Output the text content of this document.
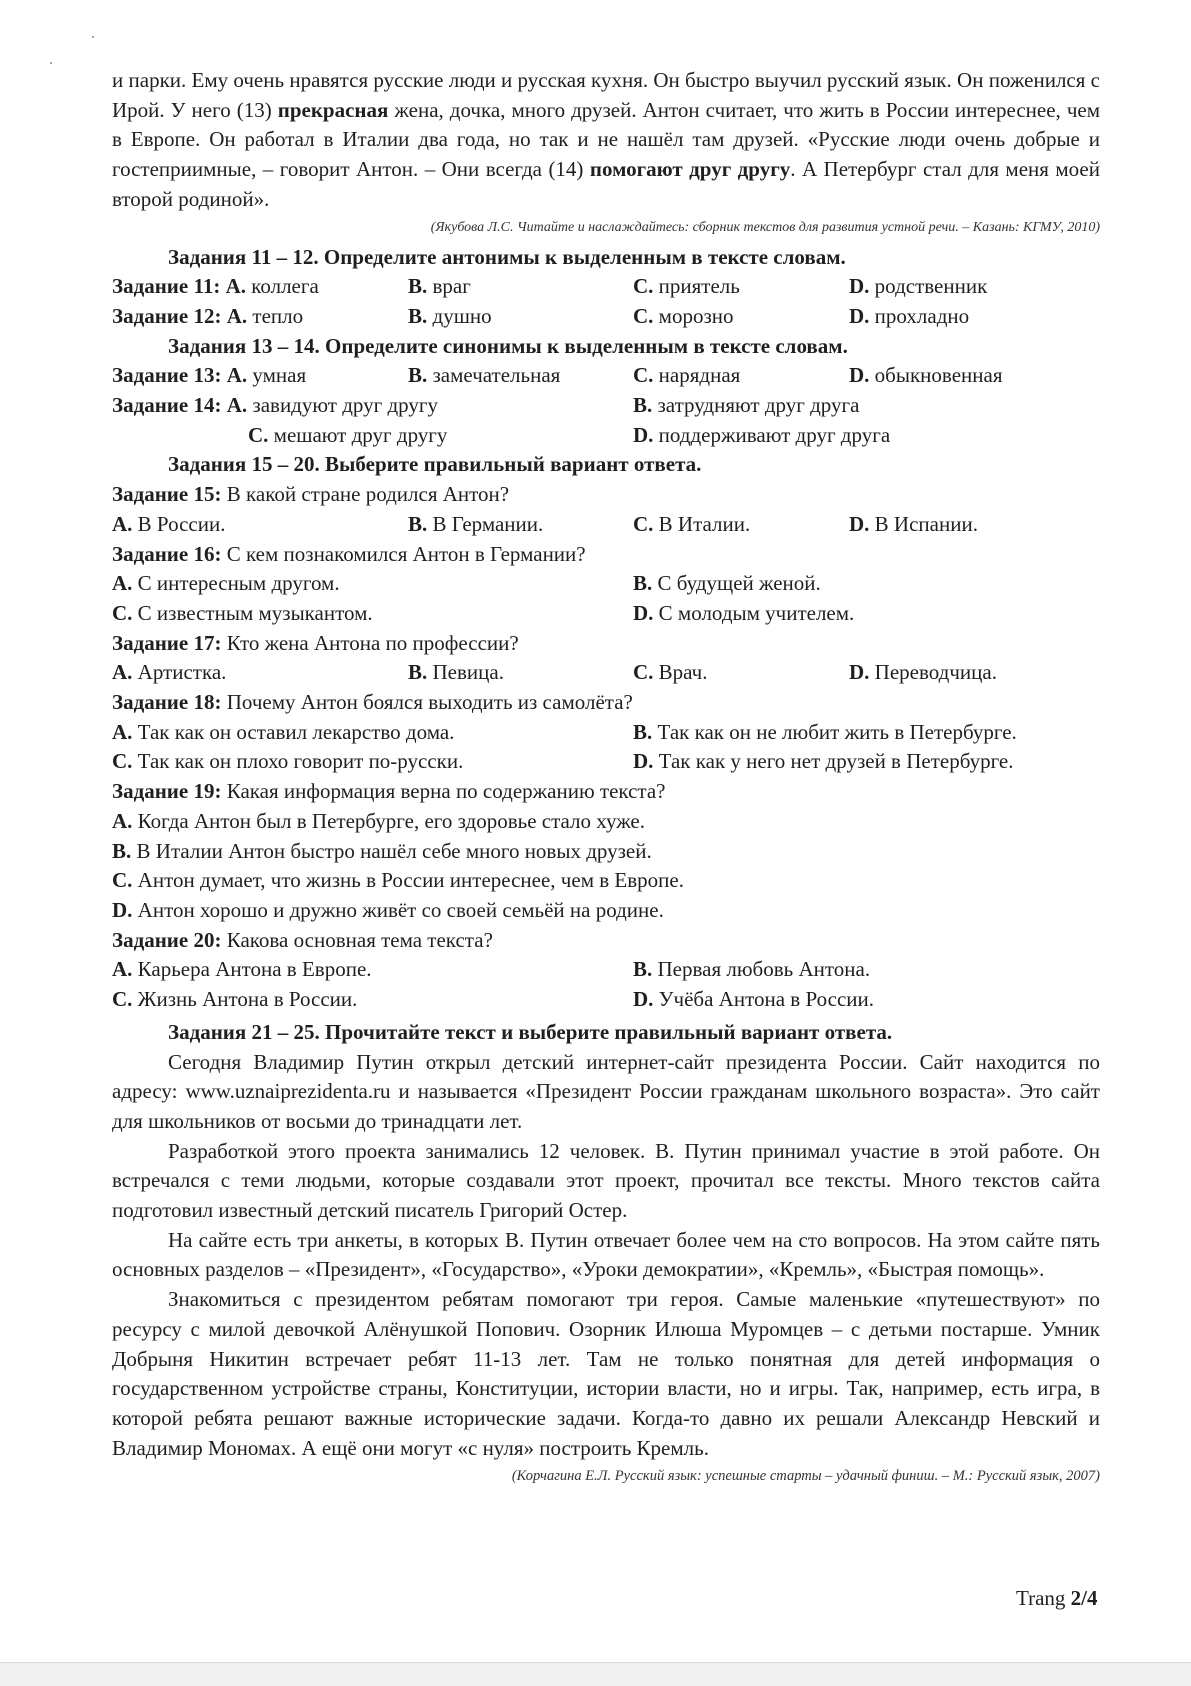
и парки. Ему очень нравятся русские люди и русская кухня. Он быстро выучил русский язык. Он поженился с Ирой. У него (13) прекрасная жена, дочка, много друзей. Антон считает, что жить в России интереснее, чем в Европе. Он работал в Италии два года, но так и не нашёл там друзей. «Русские люди очень добрые и гостеприимные, – говорит Антон. – Они всегда (14) помогают друг другу. А Петербург стал для меня моей второй родиной».

(Якубова Л.С. Читайте и наслаждайтесь: сборник текстов для развития устной речи. – Казань: КГМУ, 2010)

Задания 11 – 12. Определите антонимы к выделенным в тексте словам.

Задание 11: A. коллега	B. враг	C. приятель	D. родственник
Задание 12: A. тепло	B. душно	C. морозно	D. прохладно

Задания 13 – 14. Определите синонимы к выделенным в тексте словам.

Задание 13: A. умная	B. замечательная	C. нарядная	D. обыкновенная
Задание 14: A. завидуют друг другу	B. затрудняют друг друга
C. мешают друг другу	D. поддерживают друг друга

Задания 15 – 20. Выберите правильный вариант ответа.

Задание 15: В какой стране родился Антон?

A. В России.	B. В Германии.	C. В Италии.	D. В Испании.

Задание 16: С кем познакомился Антон в Германии?

A. С интересным другом.	B. С будущей женой.
C. С известным музыкантом.	D. С молодым учителем.

Задание 17: Кто жена Антона по профессии?

A. Артистка.	B. Певица.	C. Врач.	D. Переводчица.

Задание 18: Почему Антон боялся выходить из самолёта?

A. Так как он оставил лекарство дома.	B. Так как он не любит жить в Петербурге.
C. Так как он плохо говорит по-русски.	D. Так как у него нет друзей в Петербурге.

Задание 19: Какая информация верна по содержанию текста?

A. Когда Антон был в Петербурге, его здоровье стало хуже.

B. В Италии Антон быстро нашёл себе много новых друзей.

C. Антон думает, что жизнь в России интереснее, чем в Европе.

D. Антон хорошо и дружно живёт со своей семьёй на родине.

Задание 20: Какова основная тема текста?

A. Карьера Антона в Европе.	B. Первая любовь Антона.
C. Жизнь Антона в России.	D. Учёба Антона в России.

Задания 21 – 25. Прочитайте текст и выберите правильный вариант ответа.

Сегодня Владимир Путин открыл детский интернет-сайт президента России. Сайт находится по адресу: www.uznaiprezidenta.ru и называется «Президент России гражданам школьного возраста». Это сайт для школьников от восьми до тринадцати лет.

Разработкой этого проекта занимались 12 человек. В. Путин принимал участие в этой работе. Он встречался с теми людьми, которые создавали этот проект, прочитал все тексты. Много текстов сайта подготовил известный детский писатель Григорий Остер.

На сайте есть три анкеты, в которых В. Путин отвечает более чем на сто вопросов. На этом сайте пять основных разделов – «Президент», «Государство», «Уроки демократии», «Кремль», «Быстрая помощь».

Знакомиться с президентом ребятам помогают три героя. Самые маленькие «путешествуют» по ресурсу с милой девочкой Алёнушкой Попович. Озорник Илюша Муромцев – с детьми постарше. Умник Добрыня Никитин встречает ребят 11-13 лет. Там не только понятная для детей информация о государственном устройстве страны, Конституции, истории власти, но и игры. Так, например, есть игра, в которой ребята решают важные исторические задачи. Когда-то давно их решали Александр Невский и Владимир Мономах. А ещё они могут «с нуля» построить Кремль.

(Корчагина Е.Л. Русский язык: успешные старты – удачный финиш. – М.: Русский язык, 2007)

Trang 2/4
